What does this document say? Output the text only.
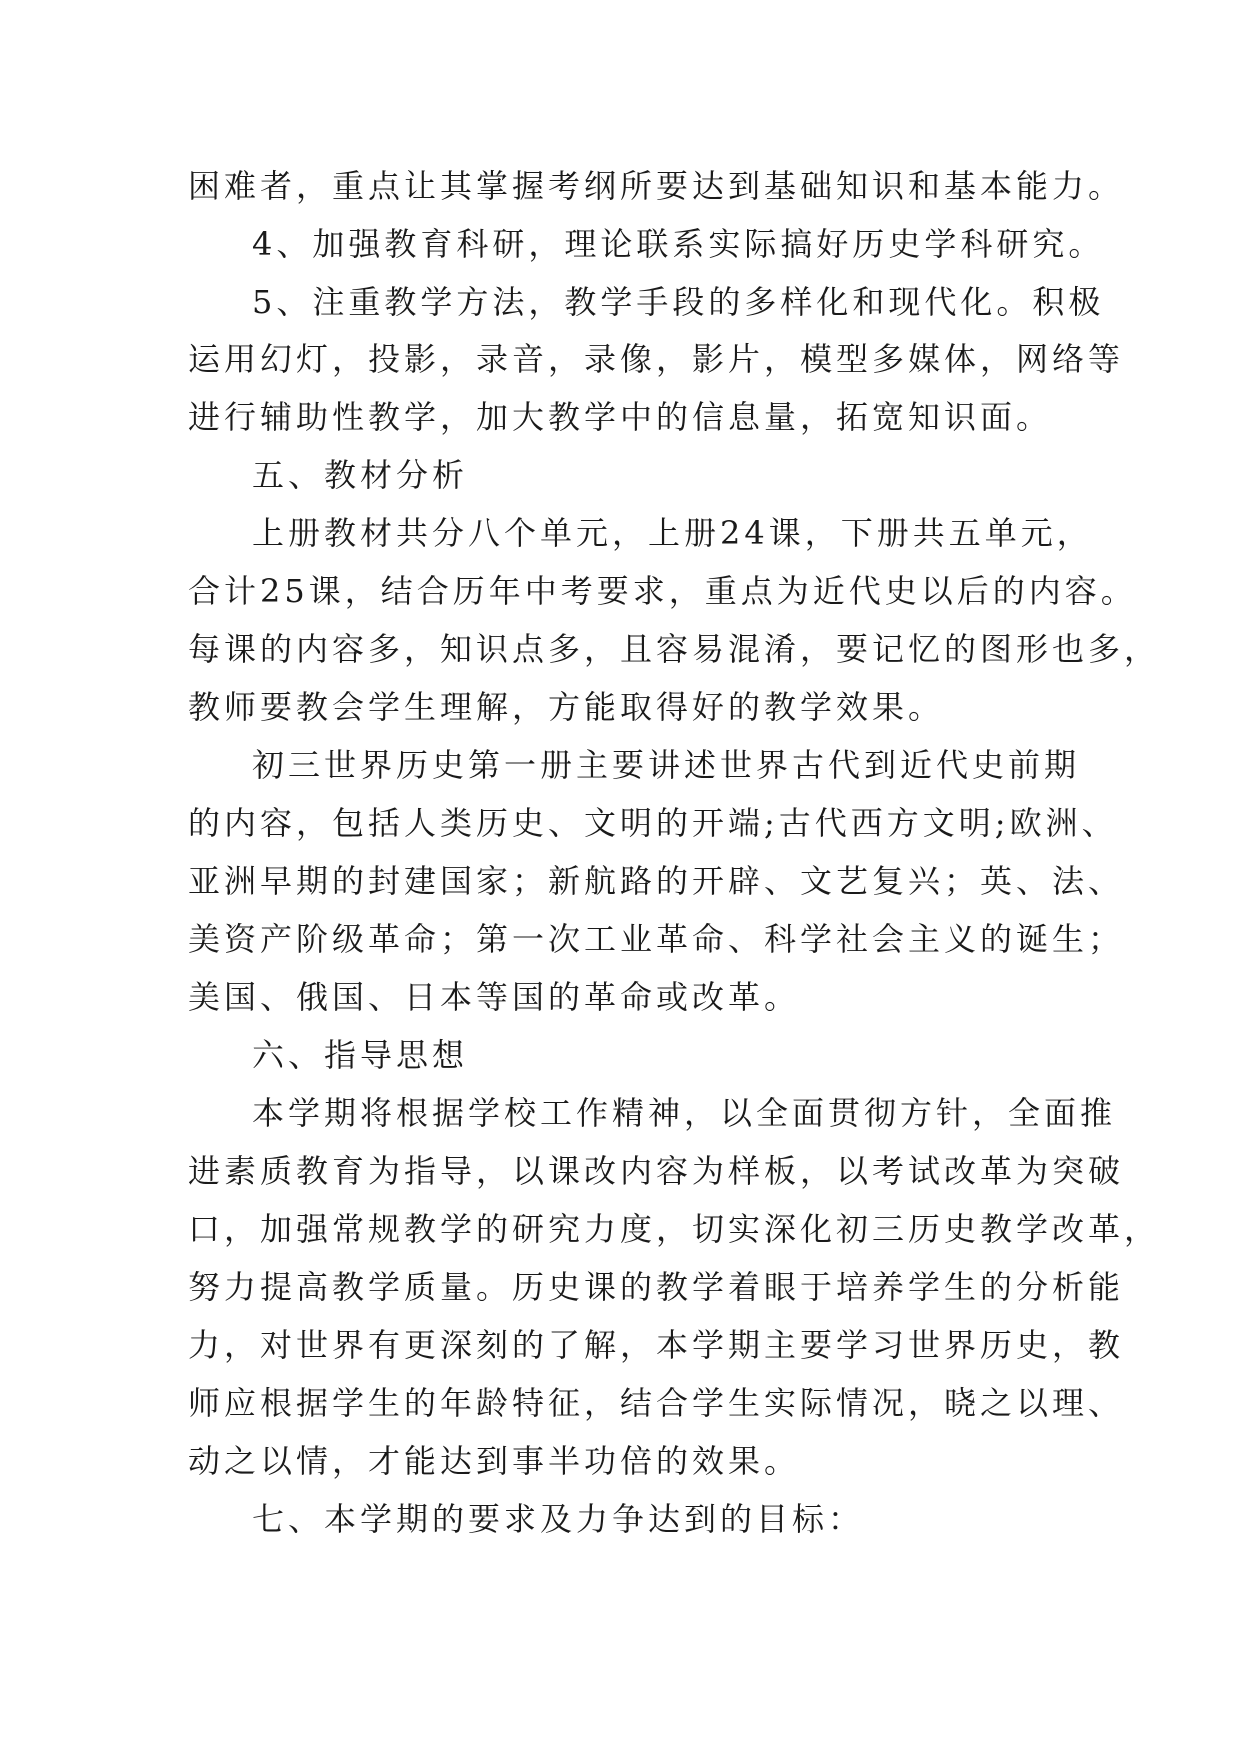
困难者，重点让其掌握考纲所要达到基础知识和基本能力。

4、加强教育科研，理论联系实际搞好历史学科研究。

5、注重教学方法，教学手段的多样化和现代化。积极

运用幻灯，投影，录音，录像，影片，模型多媒体，网络等

进行辅助性教学，加大教学中的信息量，拓宽知识面。

五、教材分析

上册教材共分八个单元，上册24课，下册共五单元，

合计25课，结合历年中考要求，重点为近代史以后的内容。

每课的内容多，知识点多，且容易混淆，要记忆的图形也多，

教师要教会学生理解，方能取得好的教学效果。

初三世界历史第一册主要讲述世界古代到近代史前期

的内容，包括人类历史、文明的开端;古代西方文明;欧洲、

亚洲早期的封建国家；新航路的开辟、文艺复兴；英、法、

美资产阶级革命；第一次工业革命、科学社会主义的诞生；

美国、俄国、日本等国的革命或改革。

六、指导思想

本学期将根据学校工作精神，以全面贯彻方针，全面推

进素质教育为指导，以课改内容为样板，以考试改革为突破

口，加强常规教学的研究力度，切实深化初三历史教学改革，

努力提高教学质量。历史课的教学着眼于培养学生的分析能

力，对世界有更深刻的了解，本学期主要学习世界历史，教

师应根据学生的年龄特征，结合学生实际情况，晓之以理、

动之以情，才能达到事半功倍的效果。

七、本学期的要求及力争达到的目标：
